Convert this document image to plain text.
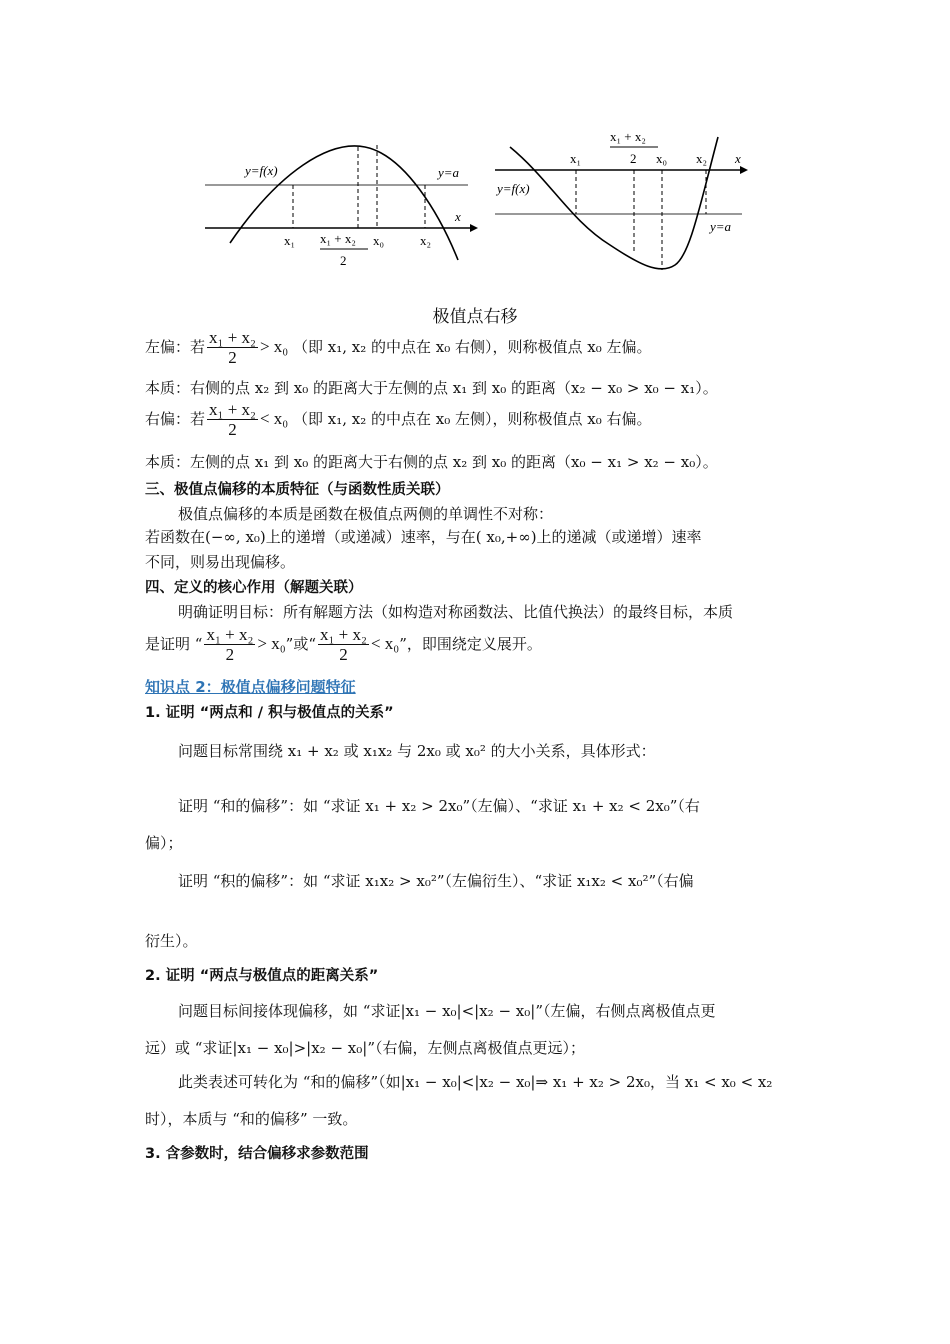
y=f(x)	y=a
x
x₁ x₁ + x₂
2
x₀	x₂
y=f(x)
y=a
x
x₁
x₁ + x₂
2 x₀ x₂
极值点右移
左偏：若 $\frac{\text{x₁ + x₂}}{2} > x_0$ （即 x₁, x₂ 的中点在 x₀ 右侧），则称极值点 x₀ 左偏。
本质：右侧的点 x₂ 到 x₀ 的距离大于左侧的点 x₁ 到 x₀ 的距离（x₂ − x₀ > x₀ − x₁）。
右偏：若 $\frac{\text{x₁ + x₂}}{2} < x_0$ （即 x₁, x₂ 的中点在 x₀ 左侧），则称极值点 x₀ 右偏。
本质：左侧的点 x₁ 到 x₀ 的距离大于右侧的点 x₂ 到 x₀ 的距离（x₀ − x₁ > x₂ − x₀）。
三、极值点偏移的本质特征（与函数性质关联）
极值点偏移的本质是函数在极值点两侧的单调性不对称：
若函数在(−∞, x₀)上的递增（或递减）速率，与在( x₀,+∞)上的递减（或递增）速率
不同，则易出现偏移。
四、定义的核心作用（解题关联）
明确证明目标：所有解题方法（如构造对称函数法、比值代换法）的最终目标，本质
是证明 “ $\frac{\text{x₁ + x₂}}{2} > x_0$”或“ $\frac{\text{x₁ + x₂}}{2} < x_0$”，即围绕定义展开。
知识点 2：极值点偏移问题特征
1. 证明 “两点和 / 积与极值点的关系”
问题目标常围绕 x₁ + x₂ 或 x₁x₂ 与 2x₀ 或 x₀² 的大小关系，具体形式：
证明 “和的偏移”：如 “求证 x₁ + x₂ > 2x₀”（左偏）、“求证 x₁ + x₂ < 2x₀”（右
偏）；
证明 “积的偏移”：如 “求证 x₁x₂ > x₀²”（左偏衍生）、“求证 x₁x₂ < x₀²”（右偏
衍生）。
2. 证明 “两点与极值点的距离关系”
问题目标间接体现偏移，如 “求证|x₁ − x₀|<|x₂ − x₀|”（左偏，右侧点离极值点更
远）或 “求证|x₁ − x₀|>|x₂ − x₀|”（右偏，左侧点离极值点更远）；
此类表述可转化为 “和的偏移”（如|x₁ − x₀|<|x₂ − x₀|⇒ x₁ + x₂ > 2x₀，当 x₁ < x₀ < x₂
时），本质与 “和的偏移” 一致。
3. 含参数时，结合偏移求参数范围
